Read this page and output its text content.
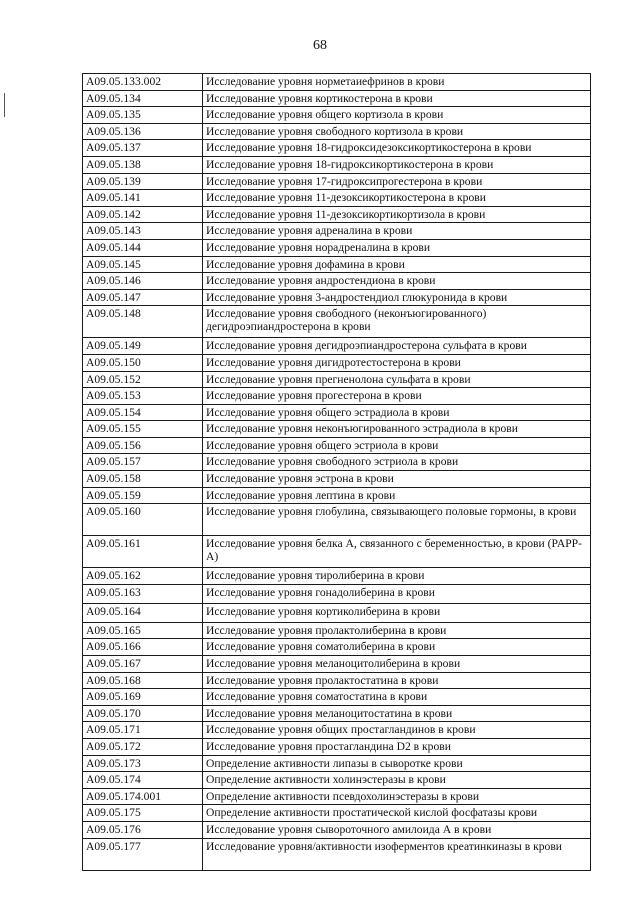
68
A09.05.133.002	Исследование уровня норметаиефринов в крови
A09.05.134	Исследование уровня кортикостерона в крови
A09.05.135	Исследование уровня общего кортизола в крови
A09.05.136	Исследование уровня свободного кортизола в крови
A09.05.137	Исследование уровня 18-гидроксидезоксикортикостерона в крови
A09.05.138	Исследование уровня 18-гидроксикортикостерона в крови
A09.05.139	Исследование уровня 17-гидроксипрогестерона в крови
A09.05.141	Исследование уровня 11-дезоксикортикостерона в крови
A09.05.142	Исследование уровня 11-дезоксикортикортизола в крови
A09.05.143	Исследование уровня адреналина в крови
A09.05.144	Исследование уровня норадреналина в крови
A09.05.145	Исследование уровня дофамина в крови
A09.05.146	Исследование уровня андростендиона в крови
A09.05.147	Исследование уровня 3-андростендиол глюкуронида в крови
A09.05.148	Исследование уровня свободного (неконъюгированного) дегидроэпиандростерона в крови
A09.05.149	Исследование уровня дегидроэпиандростерона сульфата в крови
A09.05.150	Исследование уровня дигидротестостерона в крови
A09.05.152	Исследование уровня прегненолона сульфата в крови
A09.05.153	Исследование уровня прогестерона в крови
A09.05.154	Исследование уровня общего эстрадиола в крови
A09.05.155	Исследование уровня неконъюгированного эстрадиола в крови
A09.05.156	Исследование уровня общего эстриола в крови
A09.05.157	Исследование уровня свободного эстриола в крови
A09.05.158	Исследование уровня эстрона в крови
A09.05.159	Исследование уровня лептина в крови
A09.05.160	Исследование уровня глобулина, связывающего половые гормоны, в крови
A09.05.161	Исследование уровня белка А, связанного с беременностью, в крови (PAPP-A)
A09.05.162	Исследование уровня тиролиберина в крови
A09.05.163	Исследование уровня гонадолиберина в крови
A09.05.164	Исследование уровня кортиколиберина в крови
A09.05.165	Исследование уровня пролактолиберина в крови
A09.05.166	Исследование уровня соматолиберина в крови
A09.05.167	Исследование уровня меланоцитолиберина в крови
A09.05.168	Исследование уровня пролактостатина в крови
A09.05.169	Исследование уровня соматостатина в крови
A09.05.170	Исследование уровня меланоцитостатина в крови
A09.05.171	Исследование уровня общих простагландинов в крови
A09.05.172	Исследование уровня простагландина D2 в крови
A09.05.173	Определение активности липазы в сыворотке крови
A09.05.174	Определение активности холинэстеразы в крови
A09.05.174.001	Определение активности псевдохолинэстеразы в крови
A09.05.175	Определение активности простатической кислой фосфатазы крови
A09.05.176	Исследование уровня сывороточного амилоида А в крови
A09.05.177	Исследование уровня/активности изоферментов креатинкиназы в крови
